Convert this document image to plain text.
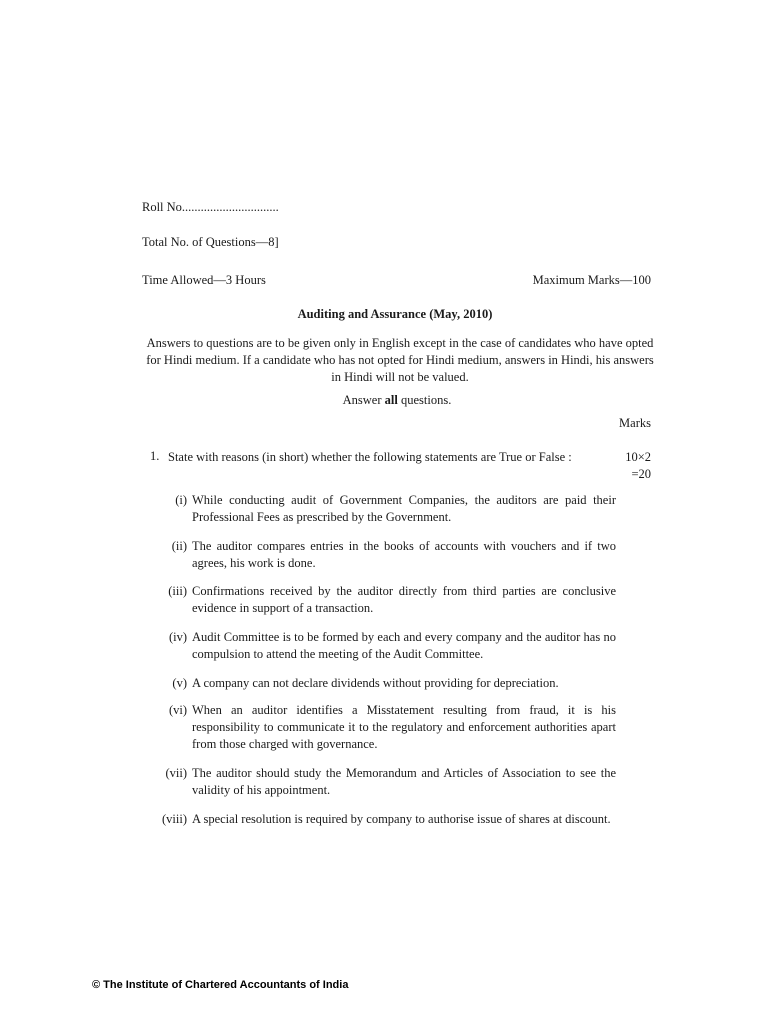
Roll No...............................
Total No. of Questions—8]
Time Allowed—3 Hours	Maximum Marks—100
Auditing and Assurance (May, 2010)
Answers to questions are to be given only in English except in the case of candidates who have opted for Hindi medium. If a candidate who has not opted for Hindi medium, answers in Hindi, his answers in Hindi will not be valued.
Answer all questions.
Marks
1. State with reasons (in short) whether the following statements are True or False :	10×2
=20
(i) While conducting audit of Government Companies, the auditors are paid their Professional Fees as prescribed by the Government.
(ii) The auditor compares entries in the books of accounts with vouchers and if two agrees, his work is done.
(iii) Confirmations received by the auditor directly from third parties are conclusive evidence in support of a transaction.
(iv) Audit Committee is to be formed by each and every company and the auditor has no compulsion to attend the meeting of the Audit Committee.
(v) A company can not declare dividends without providing for depreciation.
(vi) When an auditor identifies a Misstatement resulting from fraud, it is his responsibility to communicate it to the regulatory and enforcement authorities apart from those charged with governance.
(vii) The auditor should study the Memorandum and Articles of Association to see the validity of his appointment.
(viii) A special resolution is required by company to authorise issue of shares at discount.
© The Institute of Chartered Accountants of India
